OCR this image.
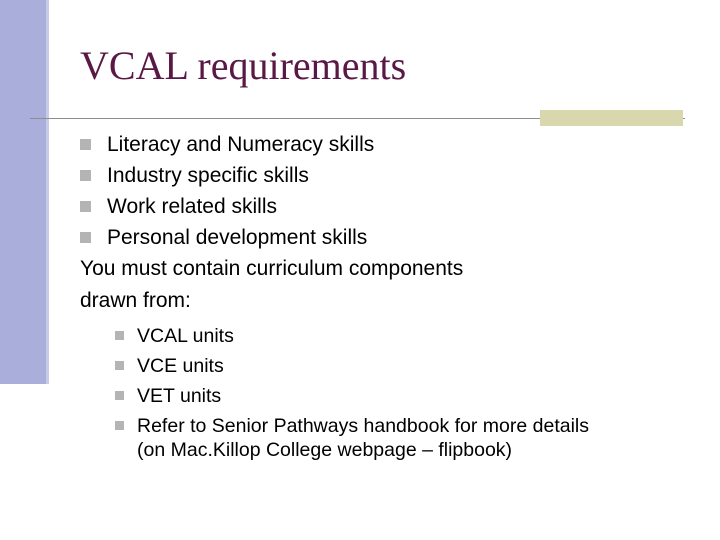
VCAL requirements
Literacy and Numeracy skills
Industry specific skills
Work related skills
Personal development skills
You must contain curriculum components
drawn from:
VCAL units
VCE units
VET units
Refer to Senior Pathways handbook for more details
(on Mac.Killop College webpage – flipbook)
